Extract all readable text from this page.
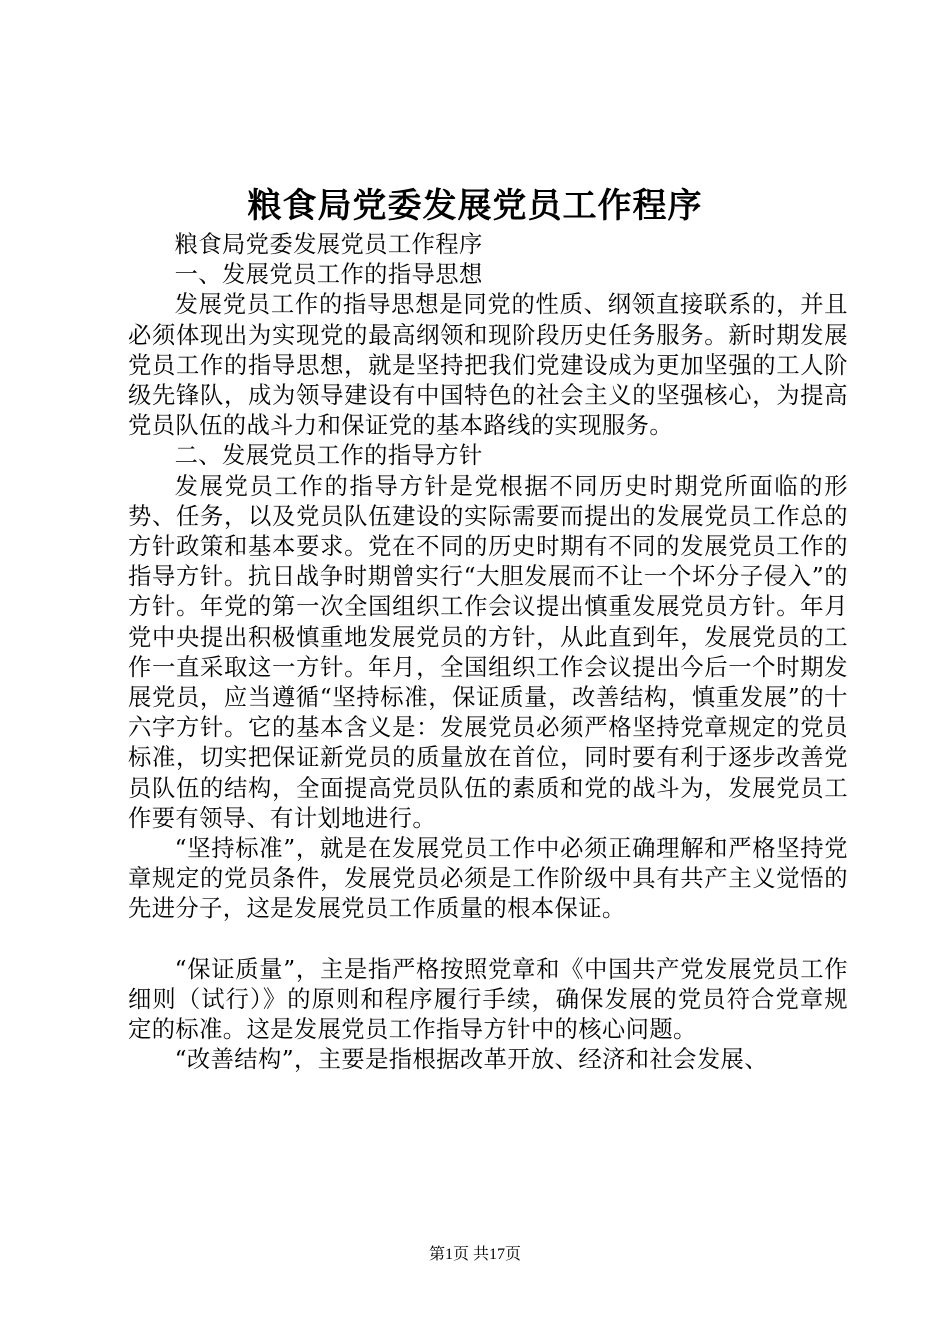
粮食局党委发展党员工作程序

粮食局党委发展党员工作程序

一、发展党员工作的指导思想

发展党员工作的指导思想是同党的性质、纲领直接联系的，并且必须体现出为实现党的最高纲领和现阶段历史任务服务。新时期发展党员工作的指导思想，就是坚持把我们党建设成为更加坚强的工人阶级先锋队，成为领导建设有中国特色的社会主义的坚强核心，为提高党员队伍的战斗力和保证党的基本路线的实现服务。

二、发展党员工作的指导方针

发展党员工作的指导方针是党根据不同历史时期党所面临的形势、任务，以及党员队伍建设的实际需要而提出的发展党员工作总的方针政策和基本要求。党在不同的历史时期有不同的发展党员工作的指导方针。抗日战争时期曾实行“大胆发展而不让一个坏分子侵入”的方针。年党的第一次全国组织工作会议提出慎重发展党员方针。年月党中央提出积极慎重地发展党员的方针，从此直到年，发展党员的工作一直采取这一方针。年月，全国组织工作会议提出今后一个时期发展党员，应当遵循“坚持标准，保证质量，改善结构，慎重发展”的十六字方针。它的基本含义是：发展党员必须严格坚持党章规定的党员标准，切实把保证新党员的质量放在首位，同时要有利于逐步改善党员队伍的结构，全面提高党员队伍的素质和党的战斗为，发展党员工作要有领导、有计划地进行。

“坚持标准”，就是在发展党员工作中必须正确理解和严格坚持党章规定的党员条件，发展党员必须是工作阶级中具有共产主义觉悟的先进分子，这是发展党员工作质量的根本保证。

“保证质量”，主是指严格按照党章和《中国共产党发展党员工作细则（试行）》的原则和程序履行手续，确保发展的党员符合党章规定的标准。这是发展党员工作指导方针中的核心问题。

“改善结构”，主要是指根据改革开放、经济和社会发展、

第1页 共17页
